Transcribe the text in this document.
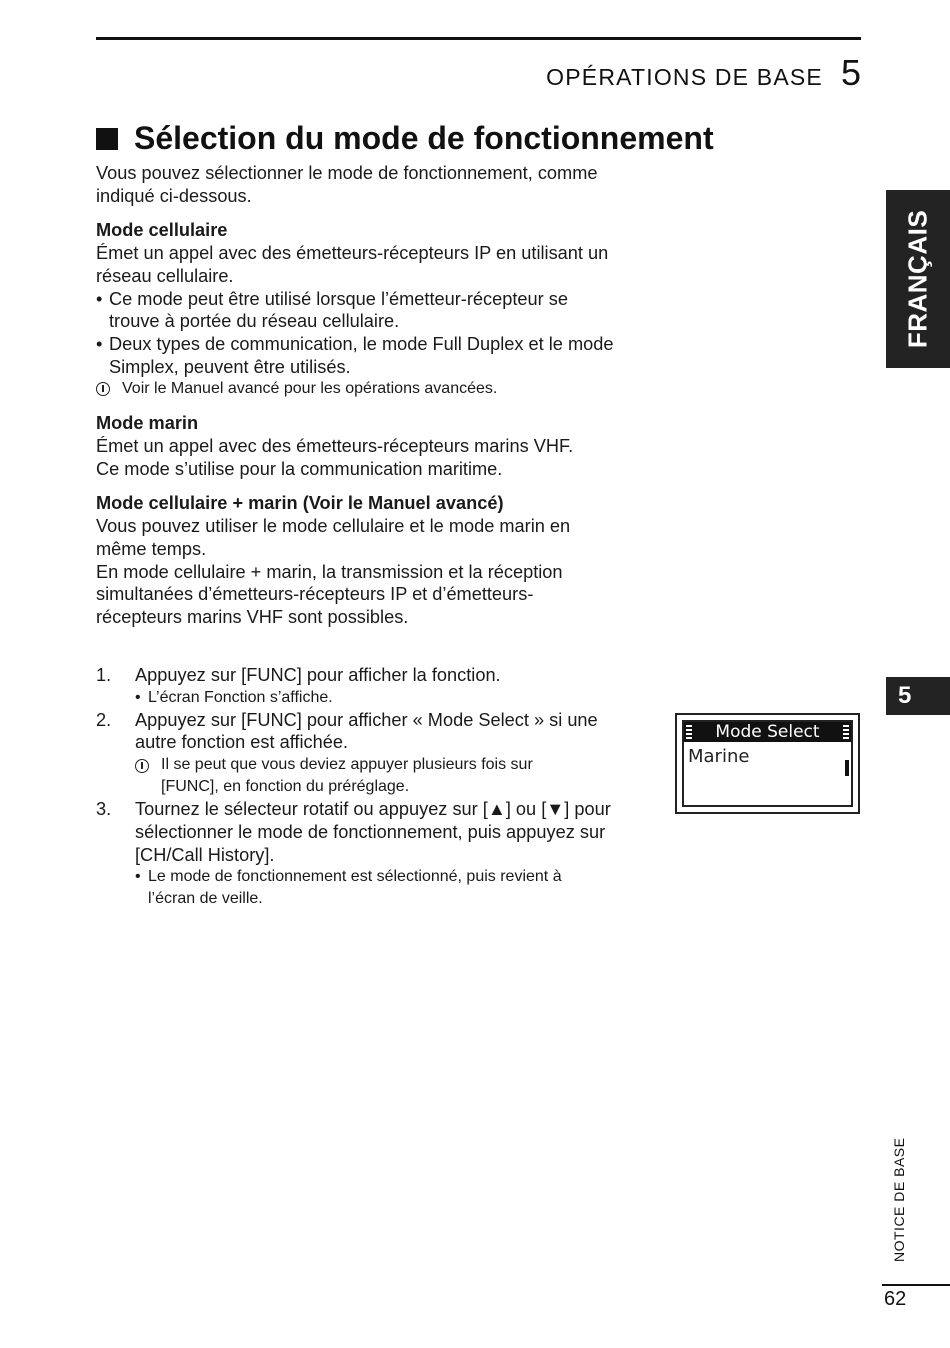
OPÉRATIONS DE BASE 5
Sélection du mode de fonctionnement

Vous pouvez sélectionner le mode de fonctionnement, comme

indiqué ci-dessous.

Mode cellulaire

Émet un appel avec des émetteurs-récepteurs IP en utilisant un

réseau cellulaire.

• Ce mode peut être utilisé lorsque l’émetteur-récepteur se
trouve à portée du réseau cellulaire.
• Deux types de communication, le mode Full Duplex et le mode
Simplex, peuvent être utilisés.
Voir le Manuel avancé pour les opérations avancées.

Mode marin

Émet un appel avec des émetteurs-récepteurs marins VHF.

Ce mode s’utilise pour la communication maritime.

Mode cellulaire + marin (Voir le Manuel avancé)

Vous pouvez utiliser le mode cellulaire et le mode marin en

même temps.

En mode cellulaire + marin, la transmission et la réception

simultanées d’émetteurs-récepteurs IP et d’émetteurs-

récepteurs marins VHF sont possibles.

1.	Appuyez sur [FUNC] pour afficher la fonction.
• L’écran Fonction s’affiche.
2.	Appuyez sur [FUNC] pour afficher « Mode Select » si une
autre fonction est affichée.
Il se peut que vous deviez appuyer plusieurs fois sur
[FUNC], en fonction du préréglage.
3.	Tournez le sélecteur rotatif ou appuyez sur [▲] ou [▼] pour
sélectionner le mode de fonctionnement, puis appuyez sur
[CH/Call History].
• Le mode de fonctionnement est sélectionné, puis revient à
l’écran de veille.
Mode Select
Marine
FRANÇAIS
5
NOTICE DE BASE
62
